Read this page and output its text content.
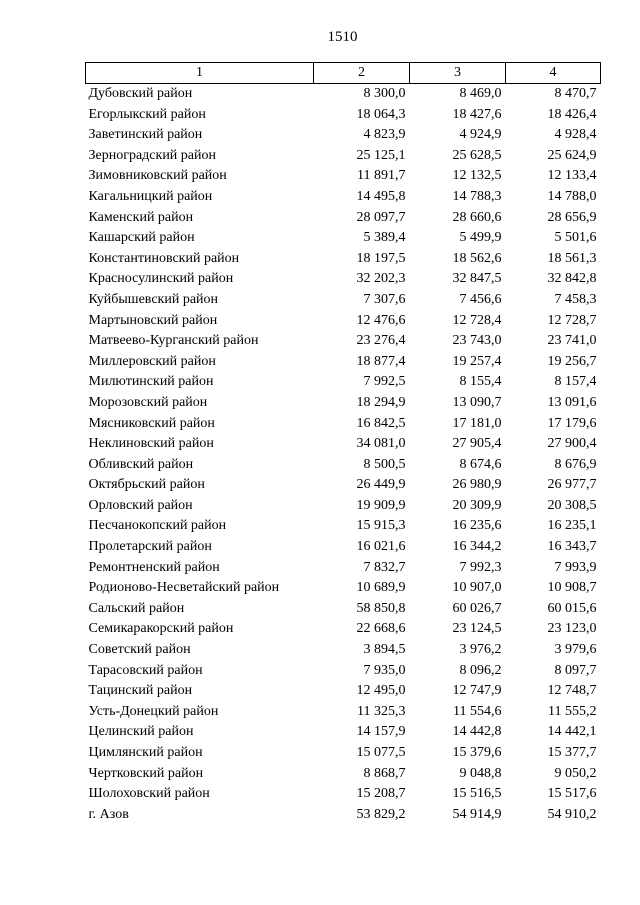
1510
1	2	3	4
Дубовский район	8 300,0	8 469,0	8 470,7
Егорлыкский район	18 064,3	18 427,6	18 426,4
Заветинский район	4 823,9	4 924,9	4 928,4
Зерноградский район	25 125,1	25 628,5	25 624,9
Зимовниковский район	11 891,7	12 132,5	12 133,4
Кагальницкий район	14 495,8	14 788,3	14 788,0
Каменский район	28 097,7	28 660,6	28 656,9
Кашарский район	5 389,4	5 499,9	5 501,6
Константиновский район	18 197,5	18 562,6	18 561,3
Красносулинский район	32 202,3	32 847,5	32 842,8
Куйбышевский район	7 307,6	7 456,6	7 458,3
Мартыновский район	12 476,6	12 728,4	12 728,7
Матвеево-Курганский район	23 276,4	23 743,0	23 741,0
Миллеровский район	18 877,4	19 257,4	19 256,7
Милютинский район	7 992,5	8 155,4	8 157,4
Морозовский район	18 294,9	13 090,7	13 091,6
Мясниковский район	16 842,5	17 181,0	17 179,6
Неклиновский район	34 081,0	27 905,4	27 900,4
Обливский район	8 500,5	8 674,6	8 676,9
Октябрьский район	26 449,9	26 980,9	26 977,7
Орловский район	19 909,9	20 309,9	20 308,5
Песчанокопский район	15 915,3	16 235,6	16 235,1
Пролетарский район	16 021,6	16 344,2	16 343,7
Ремонтненский район	7 832,7	7 992,3	7 993,9
Родионово-Несветайский район	10 689,9	10 907,0	10 908,7
Сальский район	58 850,8	60 026,7	60 015,6
Семикаракорский район	22 668,6	23 124,5	23 123,0
Советский район	3 894,5	3 976,2	3 979,6
Тарасовский район	7 935,0	8 096,2	8 097,7
Тацинский район	12 495,0	12 747,9	12 748,7
Усть-Донецкий район	11 325,3	11 554,6	11 555,2
Целинский район	14 157,9	14 442,8	14 442,1
Цимлянский район	15 077,5	15 379,6	15 377,7
Чертковский район	8 868,7	9 048,8	9 050,2
Шолоховский район	15 208,7	15 516,5	15 517,6
г. Азов	53 829,2	54 914,9	54 910,2
